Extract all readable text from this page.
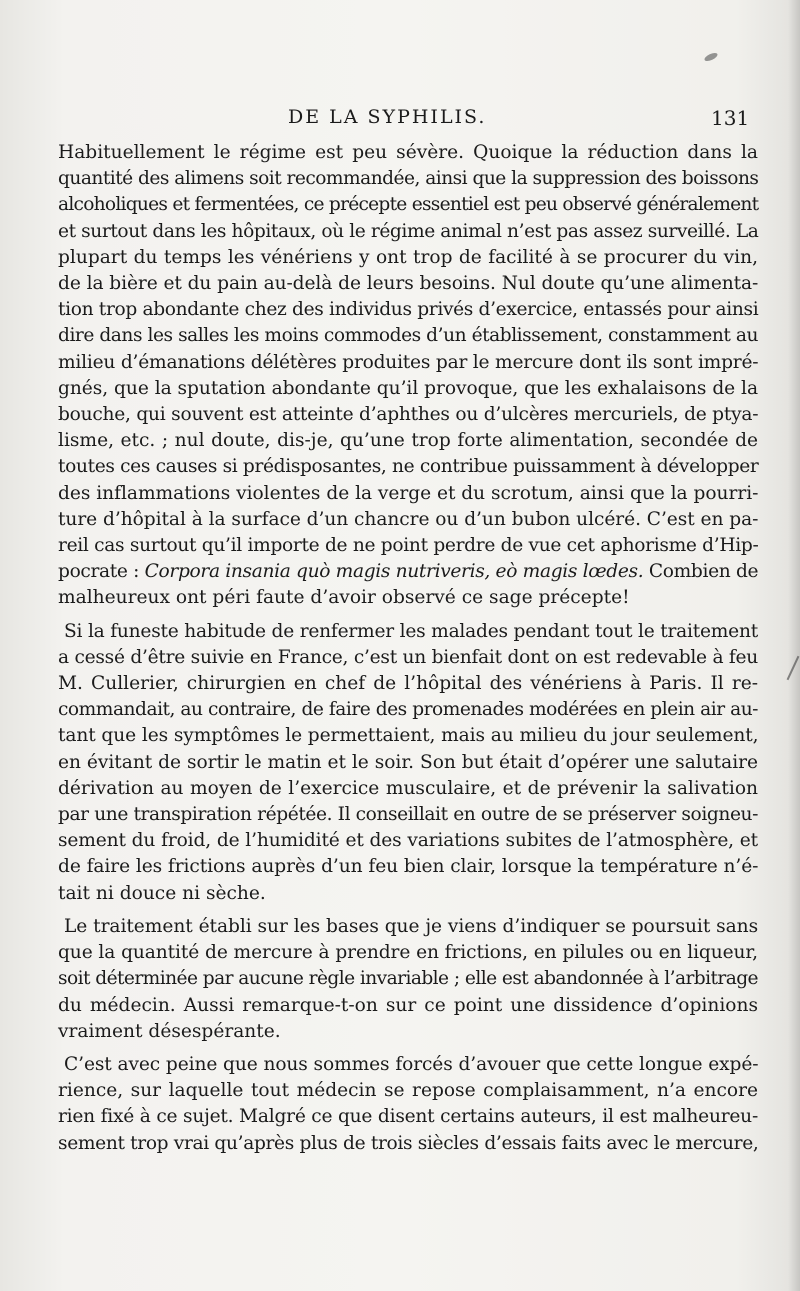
DE LA SYPHILIS.	131
Habituellement le régime est peu sévère. Quoique la réduction dans la
quantité des alimens soit recommandée, ainsi que la suppression des boissons
alcoholiques et fermentées, ce précepte essentiel est peu observé généralement
et surtout dans les hôpitaux, où le régime animal n’est pas assez surveillé. La
plupart du temps les vénériens y ont trop de facilité à se procurer du vin,
de la bière et du pain au-delà de leurs besoins. Nul doute qu’une alimenta-
tion trop abondante chez des individus privés d’exercice, entassés pour ainsi
dire dans les salles les moins commodes d’un établissement, constamment au
milieu d’émanations délétères produites par le mercure dont ils sont impré-
gnés, que la sputation abondante qu’il provoque, que les exhalaisons de la
bouche, qui souvent est atteinte d’aphthes ou d’ulcères mercuriels, de ptya-
lisme, etc. ; nul doute, dis-je, qu’une trop forte alimentation, secondée de
toutes ces causes si prédisposantes, ne contribue puissamment à développer
des inflammations violentes de la verge et du scrotum, ainsi que la pourri-
ture d’hôpital à la surface d’un chancre ou d’un bubon ulcéré. C’est en pa-
reil cas surtout qu’il importe de ne point perdre de vue cet aphorisme d’Hip-
pocrate : Corpora insania quò magis nutriveris, eò magis lœdes. Combien de
malheureux ont péri faute d’avoir observé ce sage précepte!
Si la funeste habitude de renfermer les malades pendant tout le traitement
a cessé d’être suivie en France, c’est un bienfait dont on est redevable à feu
M. Cullerier, chirurgien en chef de l’hôpital des vénériens à Paris. Il re-
commandait, au contraire, de faire des promenades modérées en plein air au-
tant que les symptômes le permettaient, mais au milieu du jour seulement,
en évitant de sortir le matin et le soir. Son but était d’opérer une salutaire
dérivation au moyen de l’exercice musculaire, et de prévenir la salivation
par une transpiration répétée. Il conseillait en outre de se préserver soigneu-
sement du froid, de l’humidité et des variations subites de l’atmosphère, et
de faire les frictions auprès d’un feu bien clair, lorsque la température n’é-
tait ni douce ni sèche.
Le traitement établi sur les bases que je viens d’indiquer se poursuit sans
que la quantité de mercure à prendre en frictions, en pilules ou en liqueur,
soit déterminée par aucune règle invariable ; elle est abandonnée à l’arbitrage
du médecin. Aussi remarque-t-on sur ce point une dissidence d’opinions
vraiment désespérante.
C’est avec peine que nous sommes forcés d’avouer que cette longue expé-
rience, sur laquelle tout médecin se repose complaisamment, n’a encore
rien fixé à ce sujet. Malgré ce que disent certains auteurs, il est malheureu-
sement trop vrai qu’après plus de trois siècles d’essais faits avec le mercure,
